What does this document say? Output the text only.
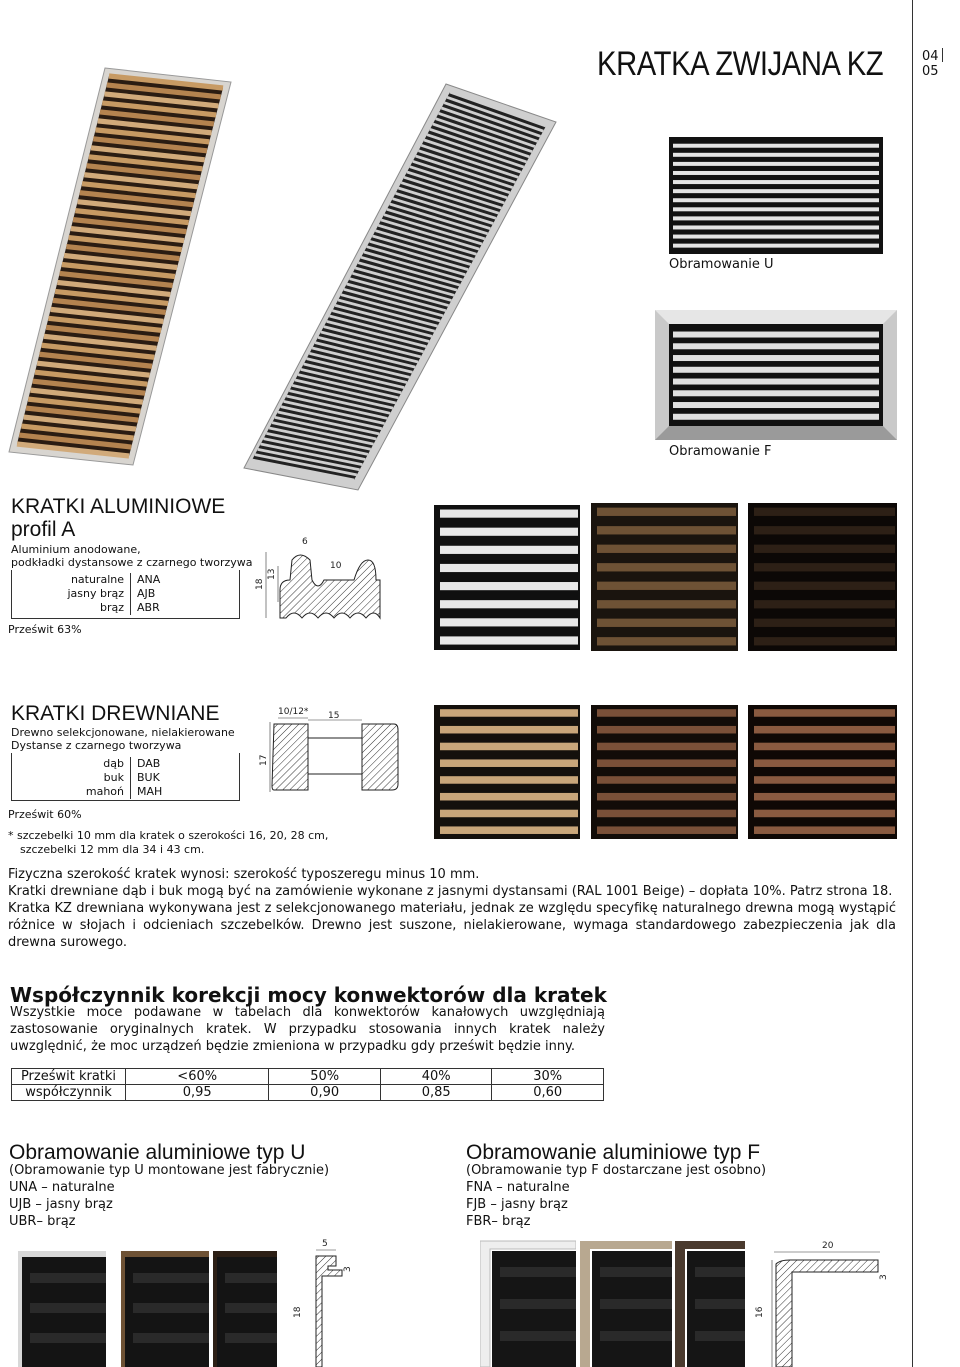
KRATKA ZWIJANA KZ	0405
Obramowanie U
Obramowanie F
KRATKI ALUMINIOWE
profil A
Aluminium anodowane,
podkładki dystansowe z czarnego tworzywa
naturalne	ANA
jasny brąz	AJB
brąz	ABR
Prześwit 63%
6
10
18
13
KRATKI DREWNIANE
Drewno selekcjonowane, nielakierowane
Dystanse z czarnego tworzywa
dąb	DAB
buk	BUK
mahoń	MAH
Prześwit 60%
* szczebelki 10 mm dla kratek o szerokości 16, 20, 28 cm,
szczebelki 12 mm dla 34 i 43 cm.
10/12* 15
17
Fizyczna szerokość kratek wynosi: szerokość typoszeregu minus 10 mm.
Kratki drewniane dąb i buk mogą być na zamówienie wykonane z jasnymi dystansami (RAL 1001 Beige) – dopłata 10%. Patrz strona 18.
Kratka KZ drewniana wykonywana jest z selekcjonowanego materiału, jednak ze względu specyfikę naturalnego drewna mogą wystąpić różnice w słojach i odcieniach szczebelków. Drewno jest suszone, nielakierowane, wymaga standardowego zabezpieczenia jak dla drewna surowego.
Współczynnik korekcji mocy konwektorów dla kratek
Wszystkie moce podawane w tabelach dla konwektorów kanałowych uwzględniają zastosowanie oryginalnych kratek. W przypadku stosowania innych kratek należy uwzględnić, że moc urządzeń będzie zmieniona w przypadku gdy prześwit będzie inny.
Prześwit kratki	<60%	50%	40%	30%
współczynnik	0,95	0,90	0,85	0,60
Obramowanie aluminiowe typ U
(Obramowanie typ U montowane jest fabrycznie)
UNA – naturalne
UJB – jasny brąz
UBR– brąz
Obramowanie aluminiowe typ F
(Obramowanie typ F dostarczane jest osobno)
FNA – naturalne
FJB – jasny brąz
FBR– brąz
5
3
18
20
3
16
